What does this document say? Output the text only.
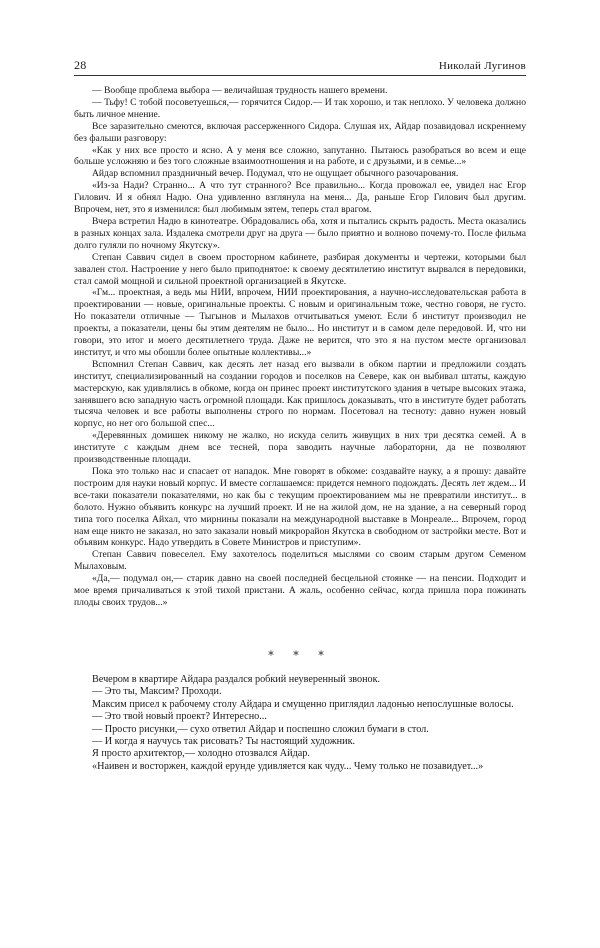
28	Николай Лугинов

— Вообще проблема выбора — величайшая трудность нашего времени.

— Тьфу! С тобой посоветуешься,— горячится Сидор.— И так хорошо, и так неплохо. У человека должно быть личное мнение.

Все заразительно смеются, включая рассерженного Сидора. Слушая их, Айдар позавидовал искреннему без фальши разговору:

«Как у них все просто и ясно. А у меня все сложно, запутанно. Пытаюсь разобраться во всем и еще больше усложняю и без того сложные взаимоотношения и на работе, и с друзьями, и в семье...»

Айдар вспомнил праздничный вечер. Подумал, что не ощущает обычного разочарования.

«Из-за Нади? Странно... А что тут странного? Все правильно... Когда провожал ее, увидел нас Егор Гилович. И я обнял Надю. Она удивленно взглянула на меня... Да, раньше Егор Гилович был другим. Впрочем, нет, это я изменился: был любимым зятем, теперь стал врагом.

Вчера встретил Надю в кинотеатре. Обрадовались оба, хотя и пытались скрыть радость. Места оказались в разных концах зала. Издалека смотрели друг на друга — было приятно и волново почему-то. После фильма долго гуляли по ночному Якутску».

Степан Саввич сидел в своем просторном кабинете, разбирая документы и чертежи, которыми был завален стол. Настроение у него было приподнятое: к своему десятилетию институт вырвался в передовики, стал самой мощной и сильной проектной организацией в Якутске.

«Гм... проектная, а ведь мы НИИ, впрочем, НИИ проектирования, а научно-исследовательская работа в проектировании — новые, оригинальные проекты. С новым и оригинальным тоже, честно говоря, не густо. Но показатели отличные — Тыгынов и Мылахов отчитываться умеют. Если б институт производил не проекты, а показатели, цены бы этим деятелям не было... Но институт и в самом деле передовой. И, что ни говори, это итог и моего десятилетнего труда. Даже не верится, что это я на пустом месте организовал институт, и что мы обошли более опытные коллективы...»

Вспомнил Степан Саввич, как десять лет назад его вызвали в обком партии и предложили создать институт, специализированный на создании городов и поселков на Севере, как он выбивал штаты, каждую мастерскую, как удивлялись в обкоме, когда он принес проект институтского здания в четыре высоких этажа, занявшего всю западную часть огромной площади. Как пришлось доказывать, что в институте будет работать тысяча человек и все работы выполнены строго по нормам. Посетовал на тесноту: давно нужен новый корпус, но нет ого большой спес...

«Деревянных домишек никому не жалко, но искуда селить живущих в них три десятка семей. А в институте с каждым днем все тесней, пора заводить научные лабораторни, да не позволяют производственные площади.

Пока это только нас и спасает от нападок. Мне говорят в обкоме: создавайте науку, а я прошу: давайте построим для науки новый корпус. И вместе соглашаемся: придется немного подождать. Десять лет ждем... И все-таки показатели показателями, но как бы с текущим проектированием мы не превратили институт... в болото. Нужно объявить конкурс на лучший проект. И не на жилой дом, не на здание, а на северный город типа того поселка Айхал, что мирнины показали на международной выставке в Монреале... Впрочем, город нам еще никто не заказал, но зато заказали новый микрорайон Якутска в свободном от застройки месте. Вот и объявим конкурс. Надо утвердить в Совете Министров и приступим».

Степан Саввич повеселел. Ему захотелось поделиться мыслями со своим старым другом Семеном Мылаховым.

«Да,— подумал он,— старик давно на своей последней бесцельной стоянке — на пенсии. Подходит и мое время причаливаться к этой тихой пристани. А жаль, особенно сейчас, когда пришла пора пожинать плоды своих трудов...»

* * *

Вечером в квартире Айдара раздался робкий неуверенный звонок.

— Это ты, Максим? Проходи.

Максим присел к рабочему столу Айдара и смущенно приглядил ладонью непослушные волосы.

— Это твой новый проект? Интересно...

— Просто рисунки,— сухо ответил Айдар и поспешно сложил бумаги в стол.

— И когда я научусь так рисовать? Ты настоящий художник.

Я просто архитектор,— холодно отозвался Айдар.

«Наивен и восторжен, каждой ерунде удивляется как чуду... Чему только не позавидует...»
